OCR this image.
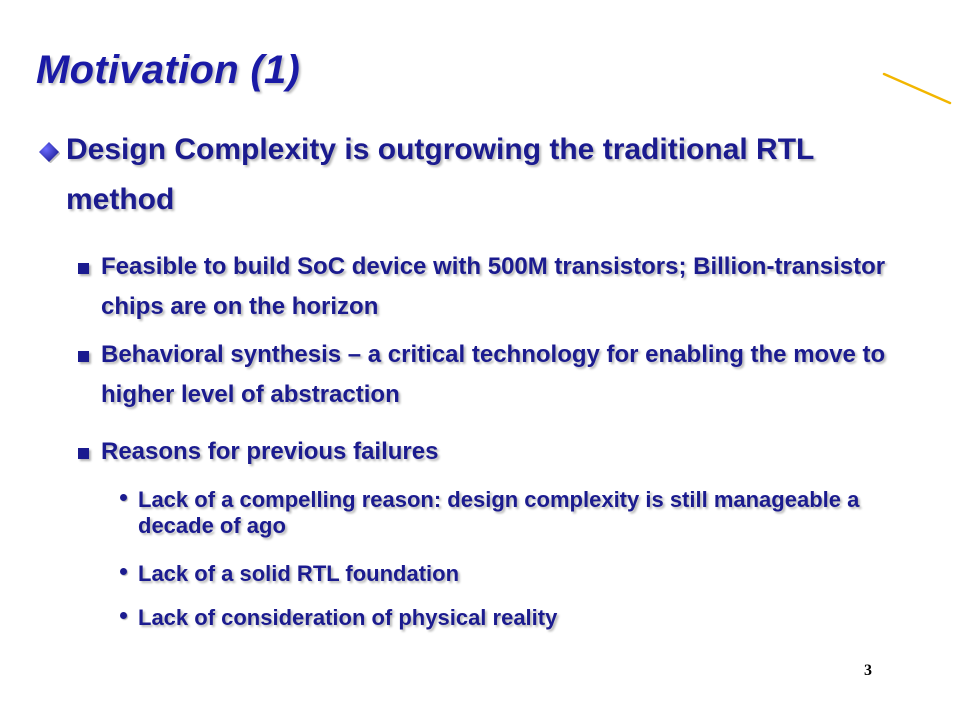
Motivation (1)

Design Complexity is outgrowing the traditional RTL method

Feasible to build SoC device with 500M transistors; Billion-transistor chips are on the horizon

Behavioral synthesis – a critical technology for enabling the move to higher level of abstraction

Reasons for previous failures

Lack of a compelling reason: design complexity is still manageable a decade of ago

Lack of a solid RTL foundation

Lack of consideration of physical reality

3
